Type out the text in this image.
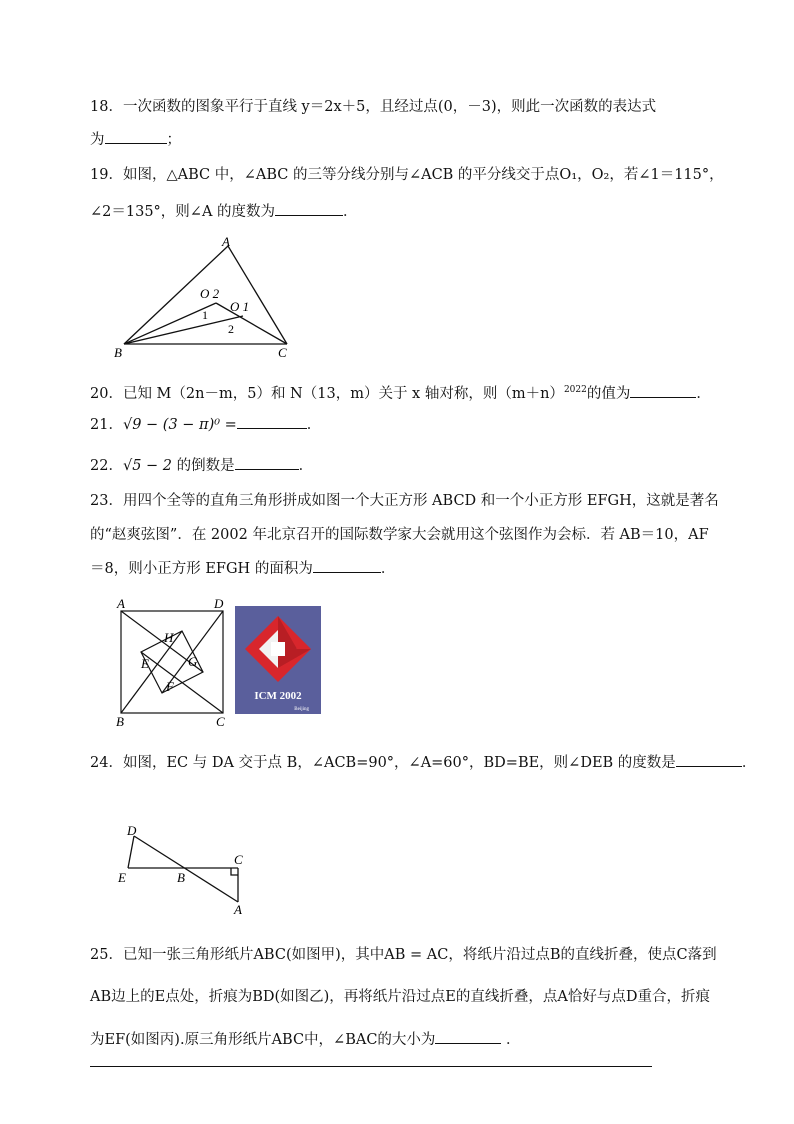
18．一次函数的图象平行于直线 y＝2x＋5，且经过点(0，－3)，则此一次函数的表达式
为	；
19．如图，△ABC 中，∠ABC 的三等分线分别与∠ACB 的平分线交于点O₁，O₂，若∠1＝115°，
∠2＝135°，则∠A 的度数为	．
A
B	C
O 2
O 1
1
2
20．已知 M（2n－m，5）和 N（13，m）关于 x 轴对称，则$(m+n)^{2022}$的值为	．
21．√9 − (3 − π)⁰ =	．
22．√5 − 2 的倒数是	．
23．用四个全等的直角三角形拼成如图一个大正方形 ABCD 和一个小正方形 EFGH，这就是著名
的“赵爽弦图”．在 2002 年北京召开的国际数学家大会就用这个弦图作为会标．若 AB＝10，AF
＝8，则小正方形 EFGH 的面积为	．
A	D
B	C
H
E	G
F
ICM 2002
Beijing
24．如图，EC 与 DA 交于点 B，∠ACB=90°，∠A=60°，BD=BE，则∠DEB 的度数是	．
D
C
E	B
A
25．已知一张三角形纸片ABC(如图甲)，其中AB = AC，将纸片沿过点B的直线折叠，使点C落到
AB边上的E点处，折痕为BD(如图乙)，再将纸片沿过点E的直线折叠，点A恰好与点D重合，折痕
为EF(如图丙).原三角形纸片ABC中，∠BAC的大小为	．
